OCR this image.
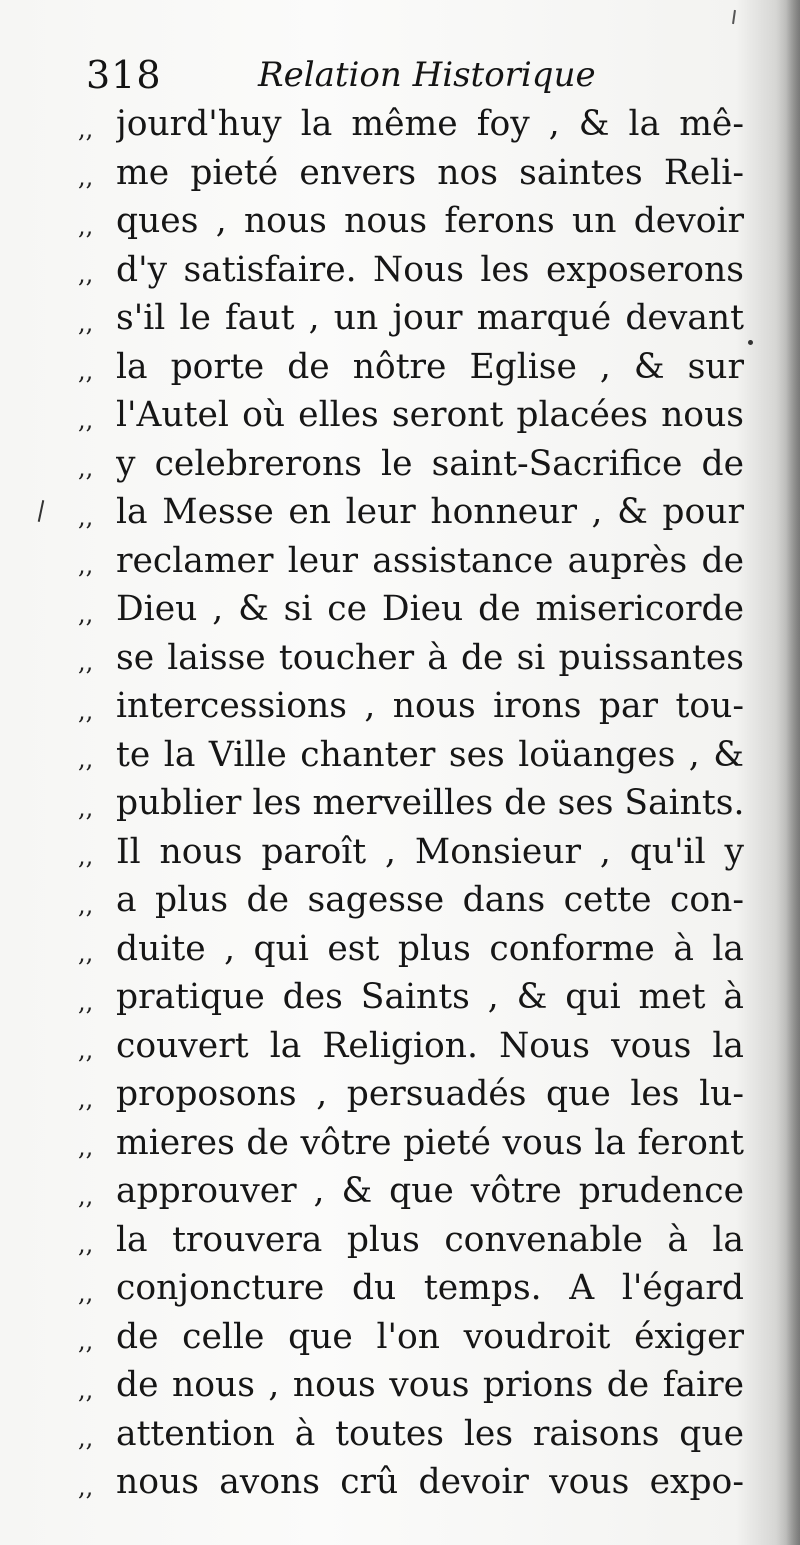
318	Relation Historique
,, jourd'huy la même foy , & la mê-
,, me pieté envers nos saintes Reli-
,, ques , nous nous ferons un devoir
,, d'y satisfaire. Nous les exposerons
,, s'il le faut , un jour marqué devant
,, la porte de nôtre Eglise , & sur
,, l'Autel où elles seront placées nous
,, y celebrerons le saint-Sacrifice de
,, la Messe en leur honneur , & pour
,, reclamer leur assistance auprès de
,, Dieu , & si ce Dieu de misericorde
,, se laisse toucher à de si puissantes
,, intercessions , nous irons par tou-
,, te la Ville chanter ses loüanges , &
,, publier les merveilles de ses Saints.
,, Il nous paroît , Monsieur , qu'il y
,, a plus de sagesse dans cette con-
,, duite , qui est plus conforme à la
,, pratique des Saints , & qui met à
,, couvert la Religion. Nous vous la
,, proposons , persuadés que les lu-
,, mieres de vôtre pieté vous la feront
,, approuver , & que vôtre prudence
,, la trouvera plus convenable à la
,, conjoncture du temps. A l'égard
,, de celle que l'on voudroit éxiger
,, de nous , nous vous prions de faire
,, attention à toutes les raisons que
,, nous avons crû devoir vous expo-
